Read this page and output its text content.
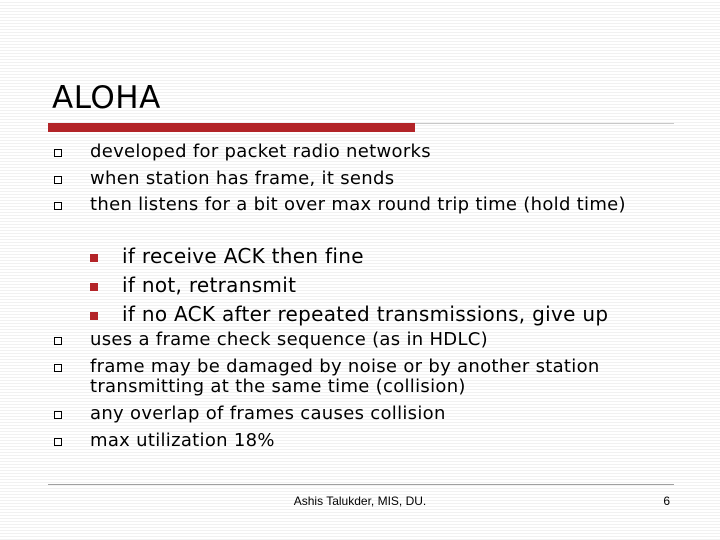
ALOHA
developed for packet radio networks
when station has frame, it sends
then listens for a bit over max round trip time (hold time)
if receive ACK then fine
if not, retransmit
if no ACK after repeated transmissions, give up
uses a frame check sequence (as in HDLC)
frame may be damaged by noise or by another station transmitting at the same time (collision)
any overlap of frames causes collision
max utilization 18%
Ashis Talukder, MIS, DU.	6
